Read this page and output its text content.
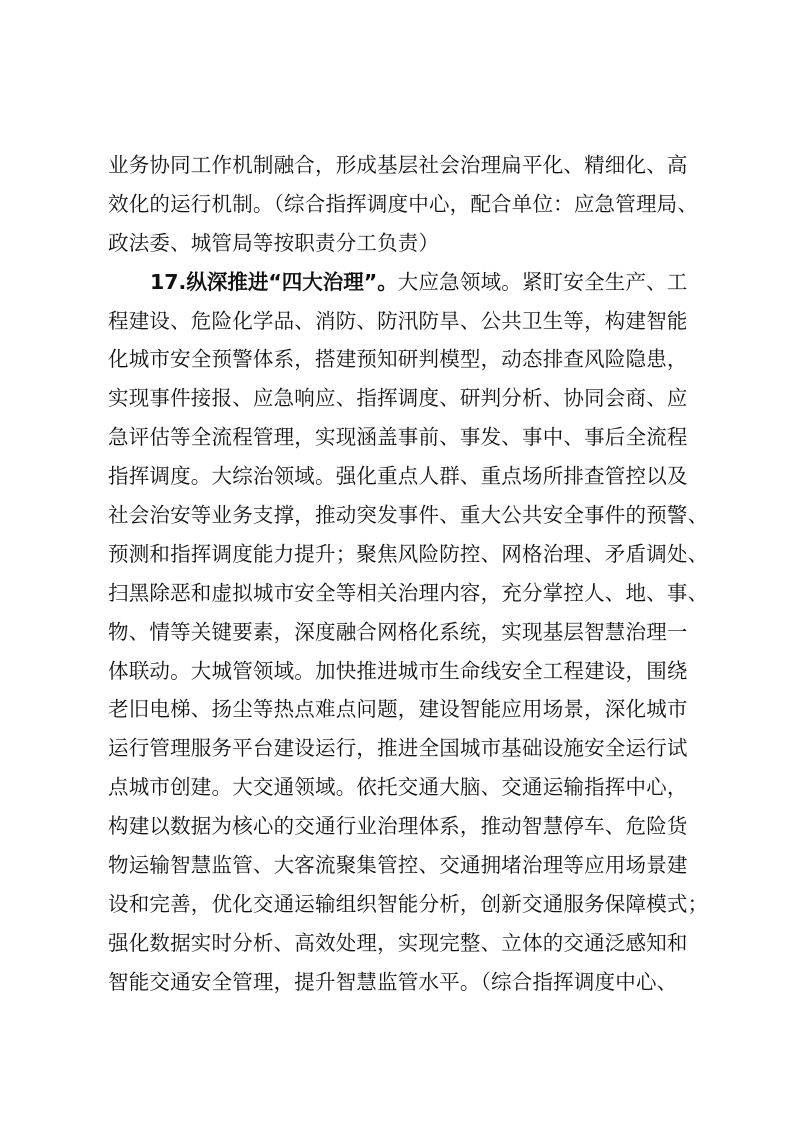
业务协同工作机制融合，形成基层社会治理扁平化、精细化、高
效化的运行机制。（综合指挥调度中心，配合单位：应急管理局、
政法委、城管局等按职责分工负责）
17.纵深推进“四大治理”。大应急领域。紧盯安全生产、工
程建设、危险化学品、消防、防汛防旱、公共卫生等，构建智能
化城市安全预警体系，搭建预知研判模型，动态排查风险隐患，
实现事件接报、应急响应、指挥调度、研判分析、协同会商、应
急评估等全流程管理，实现涵盖事前、事发、事中、事后全流程
指挥调度。大综治领域。强化重点人群、重点场所排查管控以及
社会治安等业务支撑，推动突发事件、重大公共安全事件的预警、
预测和指挥调度能力提升；聚焦风险防控、网格治理、矛盾调处、
扫黑除恶和虚拟城市安全等相关治理内容，充分掌控人、地、事、
物、情等关键要素，深度融合网格化系统，实现基层智慧治理一
体联动。大城管领域。加快推进城市生命线安全工程建设，围绕
老旧电梯、扬尘等热点难点问题，建设智能应用场景，深化城市
运行管理服务平台建设运行，推进全国城市基础设施安全运行试
点城市创建。大交通领域。依托交通大脑、交通运输指挥中心，
构建以数据为核心的交通行业治理体系，推动智慧停车、危险货
物运输智慧监管、大客流聚集管控、交通拥堵治理等应用场景建
设和完善，优化交通运输组织智能分析，创新交通服务保障模式；
强化数据实时分析、高效处理，实现完整、立体的交通泛感知和
智能交通安全管理，提升智慧监管水平。（综合指挥调度中心、
